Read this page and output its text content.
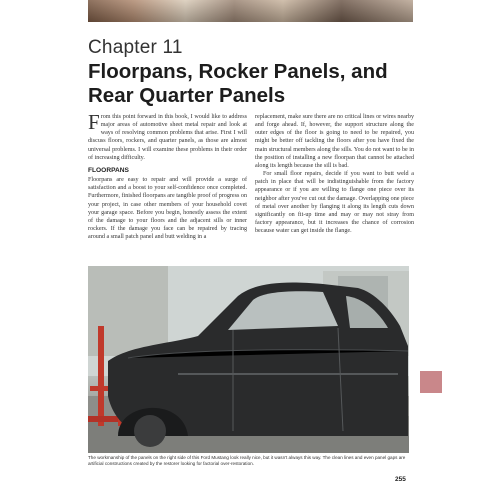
Chapter 11
Floorpans, Rocker Panels, and Rear Quarter Panels

From this point forward in this book, I would like to address major areas of automotive sheet metal repair and look at ways of resolving common problems that arise. First I will discuss floors, rockers, and quarter panels, as those are almost universal problems. I will examine these problems in their order of increasing difficulty.

FLOORPANS

Floorpans are easy to repair and will provide a surge of satisfaction and a boost to your self-confidence once completed. Furthermore, finished floorpans are tangible proof of progress on your project, in case other members of your household covet your garage space. Before you begin, honestly assess the extent of the damage to your floors and the adjacent sills or inner rockers. If the damage you face can be repaired by tracing around a small patch panel and butt welding in a

replacement, make sure there are no critical lines or wires nearby and forge ahead. If, however, the support structure along the outer edges of the floor is going to need to be repaired, you might be better off tackling the floors after you have fixed the main structural members along the sills. You do not want to be in the position of installing a new floorpan that cannot be attached along its length because the sill is bad.

For small floor repairs, decide if you want to butt weld a patch in place that will be indistinguishable from the factory appearance or if you are willing to flange one piece over its neighbor after you've cut out the damage. Overlapping one piece of metal over another by flanging it along its length cuts down significantly on fit-up time and may or may not stray from factory appearance, but it increases the chance of corrosion because water can get inside the flange.

The workmanship of the panels on the right side of this Ford Mustang look really nice, but it wasn't always this way. The clean lines and even panel gaps are artificial constructions created by the restorer looking for factorial over-restoration.
255
